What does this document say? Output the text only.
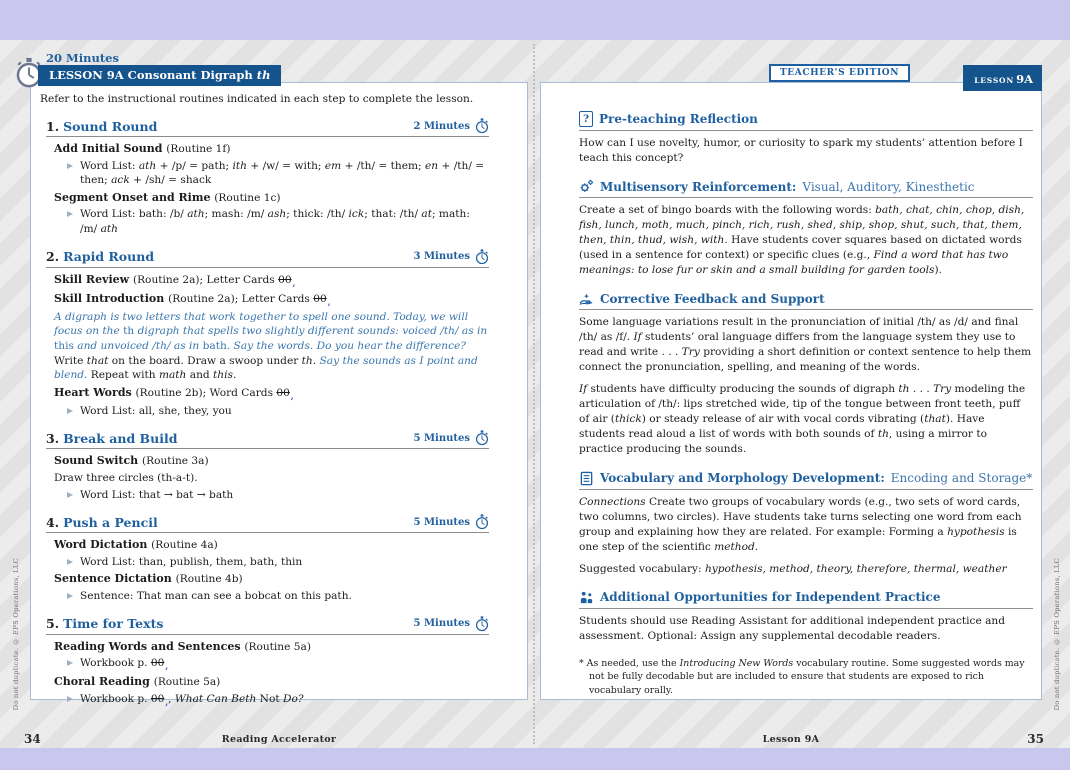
Refer to the instructional routines indicated in each step to complete the lesson.

1. Sound Round	2 Minutes
Add Initial Sound (Routine 1f)
Word List: ath + /p/ = path; ith + /w/ = with; em + /th/ = them; en + /th/ = then; ack + /sh/ = shack
Segment Onset and Rime (Routine 1c)
Word List: bath: /b/ ath; mash: /m/ ash; thick: /th/ ick; that: /th/ at; math: /m/ ath
2. Rapid Round	3 Minutes
Skill Review (Routine 2a); Letter Cards $00_,$
Skill Introduction (Routine 2a); Letter Cards $00_,$
A digraph is two letters that work together to spell one sound. Today, we will focus on the th digraph that spells two slightly different sounds: voiced /th/ as in this and unvoiced /th/ as in bath. Say the words. Do you hear the difference? Write that on the board. Draw a swoop under th. Say the sounds as I point and blend. Repeat with math and this.
Heart Words (Routine 2b); Word Cards $00_,$
Word List: all, she, they, you
3. Break and Build	5 Minutes
Sound Switch (Routine 3a)
Draw three circles (th-a-t).
Word List: that → bat → bath
4. Push a Pencil	5 Minutes
Word Dictation (Routine 4a)
Word List: than, publish, them, bath, thin
Sentence Dictation (Routine 4b)
Sentence: That man can see a bobcat on this path.
5. Time for Texts	5 Minutes
Reading Words and Sentences (Routine 5a)
Workbook p. $00_,$
Choral Reading (Routine 5a)
Workbook p. $00_,$, What Can Beth Not Do?
? Pre-teaching Reflection

How can I use novelty, humor, or curiosity to spark my students’ attention before I teach this concept?

Multisensory Reinforcement: Visual, Auditory, Kinesthetic

Create a set of bingo boards with the following words: bath, chat, chin, chop, dish, fish, lunch, moth, much, pinch, rich, rush, shed, ship, shop, shut, such, that, them, then, thin, thud, wish, with. Have students cover squares based on dictated words (used in a sentence for context) or specific clues (e.g., Find a word that has two meanings: to lose fur or skin and a small building for garden tools).

Corrective Feedback and Support

Some language variations result in the pronunciation of initial /th/ as /d/ and final /th/ as /f/. If students’ oral language differs from the language system they use to read and write . . . Try providing a short definition or context sentence to help them connect the pronunciation, spelling, and meaning of the words.

If students have difficulty producing the sounds of digraph th . . . Try modeling the articulation of /th/: lips stretched wide, tip of the tongue between front teeth, puff of air (thick) or steady release of air with vocal cords vibrating (that). Have students read aloud a list of words with both sounds of th, using a mirror to practice producing the sounds.

Vocabulary and Morphology Development: Encoding and Storage*

Connections Create two groups of vocabulary words (e.g., two sets of word cards, two columns, two circles). Have students take turns selecting one word from each group and explaining how they are related. For example: Forming a hypothesis is one step of the scientific method.

Suggested vocabulary: hypothesis, method, theory, therefore, thermal, weather

Additional Opportunities for Independent Practice

Students should use Reading Assistant for additional independent practice and assessment. Optional: Assign any supplemental decodable readers.

* As needed, use the Introducing New Words vocabulary routine. Some suggested words may not be fully decodable but are included to ensure that students are exposed to rich vocabulary orally.

20 Minutes
LESSON 9A Consonant Digraph th	TEACHER’S EDITION
LESSON 9A
34	Reading Accelerator	Lesson 9A	35
Do not duplicate. © EPS Operations, LLC	Do not duplicate. © EPS Operations, LLC
